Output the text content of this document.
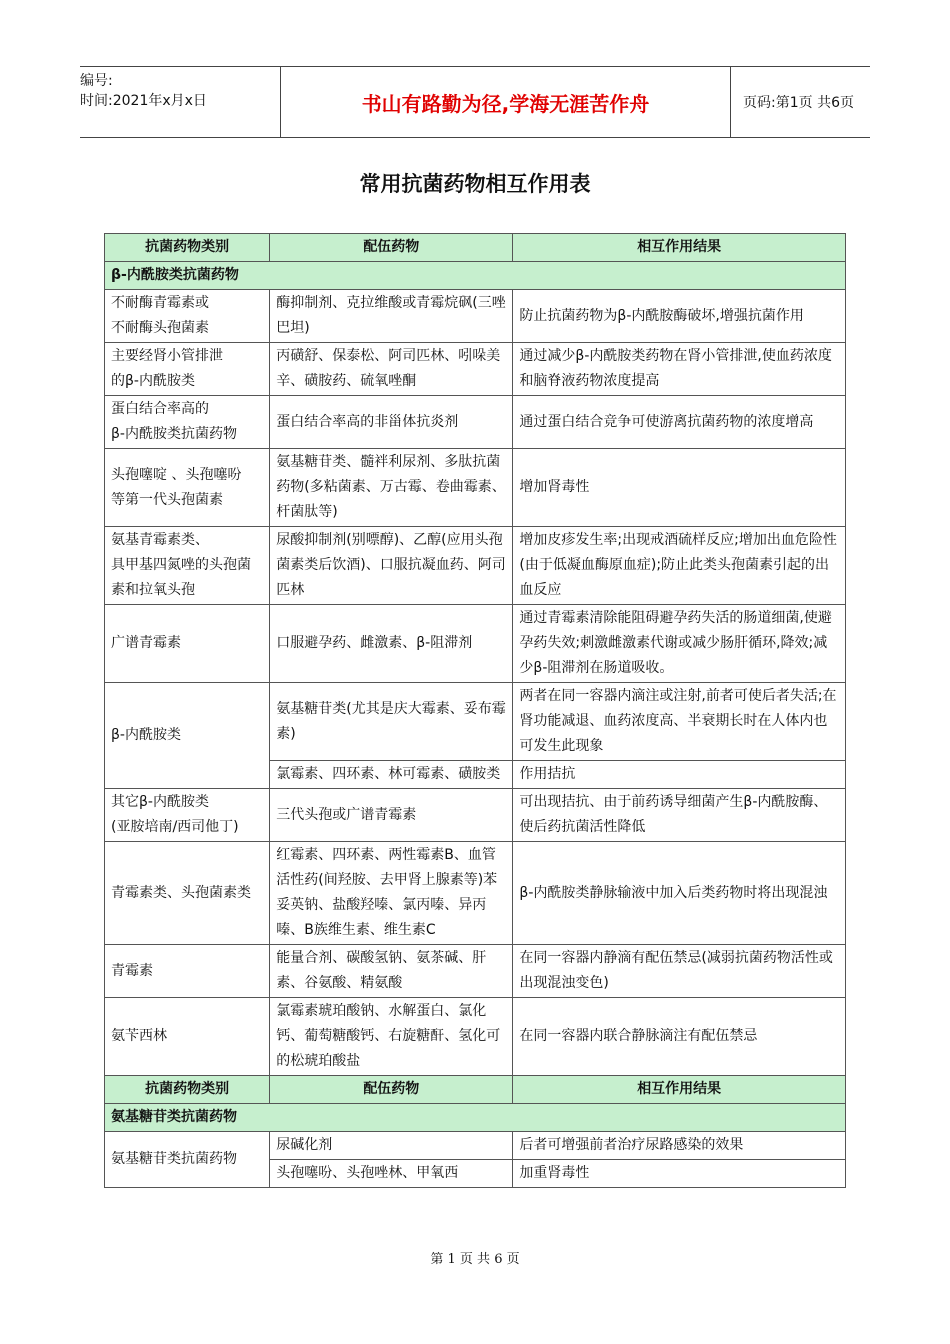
编号:
时间:2021年x月x日	书山有路勤为径,学海无涯苦作舟	页码:第1页 共6页
常用抗菌药物相互作用表
抗菌药物类别	配伍药物	相互作用结果
β-内酰胺类抗菌药物		
不耐酶青霉素或
不耐酶头孢菌素	酶抑制剂、克拉维酸或青霉烷砜(三唑巴坦)	防止抗菌药物为β-内酰胺酶破坏,增强抗菌作用
主要经肾小管排泄
的β-内酰胺类	丙磺舒、保泰松、阿司匹林、吲哚美辛、磺胺药、硫氧唑酮	通过减少β-内酰胺类药物在肾小管排泄,使血药浓度和脑脊液药物浓度提高
蛋白结合率高的
β-内酰胺类抗菌药物	蛋白结合率高的非甾体抗炎剂	通过蛋白结合竞争可使游离抗菌药物的浓度增高
头孢噻啶 、头孢噻吩
等第一代头孢菌素	氨基糖苷类、髓袢利尿剂、多肽抗菌药物(多粘菌素、万古霉、卷曲霉素、杆菌肽等)	增加肾毒性
氨基青霉素类、
具甲基四氮唑的头孢菌素和拉氧头孢	尿酸抑制剂(别嘌醇)、乙醇(应用头孢菌素类后饮酒)、口服抗凝血药、阿司匹林	增加皮疹发生率;出现戒酒硫样反应;增加出血危险性 (由于低凝血酶原血症);防止此类头孢菌素引起的出血反应
广谱青霉素	口服避孕药、雌激素、β-阻滞剂	通过青霉素清除能阻碍避孕药失活的肠道细菌,使避孕药失效;刺激雌激素代谢或减少肠肝循环,降效;减少β-阻滞剂在肠道吸收。
β-内酰胺类	氨基糖苷类(尤其是庆大霉素、妥布霉素)	两者在同一容器内滴注或注射,前者可使后者失活;在肾功能减退、血药浓度高、半衰期长时在人体内也可发生此现象
	氯霉素、四环素、林可霉素、磺胺类	作用拮抗
其它β-内酰胺类
(亚胺培南/西司他丁)	三代头孢或广谱青霉素	可出现拮抗、由于前药诱导细菌产生β-内酰胺酶、使后药抗菌活性降低
青霉素类、头孢菌素类	红霉素、四环素、两性霉素B、血管活性药(间羟胺、去甲肾上腺素等)苯妥英钠、盐酸羟嗪、氯丙嗪、异丙嗪、B族维生素、维生素C	β-内酰胺类静脉输液中加入后类药物时将出现混浊
青霉素	能量合剂、碳酸氢钠、氨茶碱、肝素、谷氨酸、精氨酸	在同一容器内静滴有配伍禁忌(减弱抗菌药物活性或出现混浊变色)
氨苄西林	氯霉素琥珀酸钠、水解蛋白、氯化钙、葡萄糖酸钙、右旋糖酐、氢化可的松琥珀酸盐	在同一容器内联合静脉滴注有配伍禁忌
抗菌药物类别	配伍药物	相互作用结果
氨基糖苷类抗菌药物		
氨基糖苷类抗菌药物	尿碱化剂	后者可增强前者治疗尿路感染的效果
	头孢噻吩、头孢唑林、甲氧西	加重肾毒性
第 1 页 共 6 页
